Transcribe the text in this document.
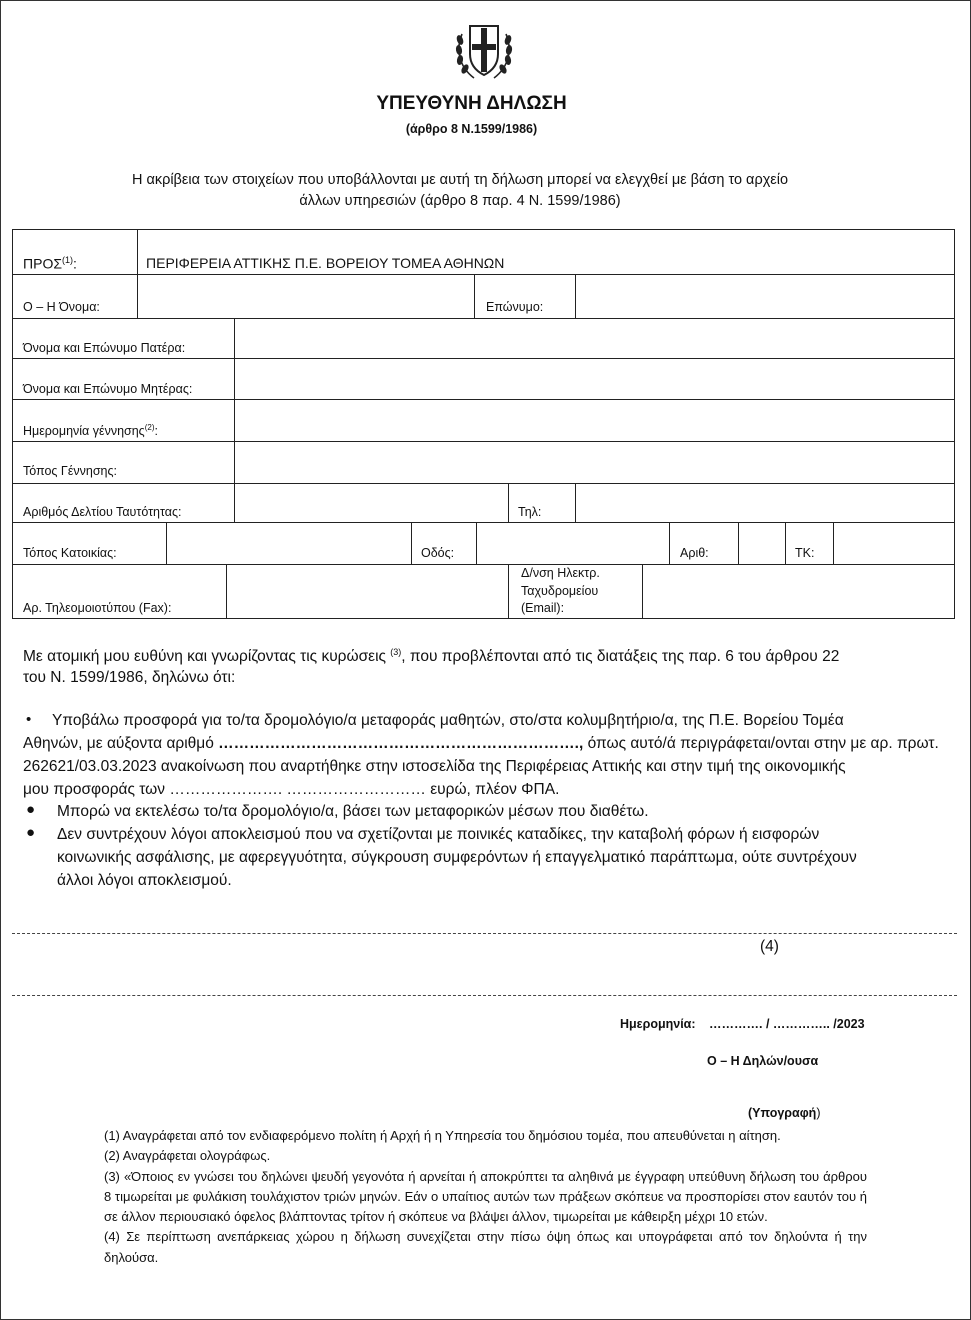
ΥΠΕΥΘΥΝΗ ΔΗΛΩΣΗ
(άρθρο 8 Ν.1599/1986)
Η ακρίβεια των στοιχείων που υποβάλλονται με αυτή τη δήλωση μπορεί να ελεγχθεί με βάση το αρχείο
άλλων υπηρεσιών (άρθρο 8 παρ. 4 Ν. 1599/1986)
ΠΡΟΣ$^{(1)}$:	ΠΕΡΙΦΕΡΕΙΑ ΑΤΤΙΚΗΣ Π.Ε. ΒΟΡΕΙΟΥ ΤΟΜΕΑ ΑΘΗΝΩΝ
Ο – Η Όνομα:	Επώνυμο:
Όνομα και Επώνυμο Πατέρα:
Όνομα και Επώνυμο Μητέρας:
Ημερομηνία γέννησης$^{(2)}$:
Τόπος Γέννησης:
Αριθμός Δελτίου Ταυτότητας:	Τηλ:
Τόπος Κατοικίας:	Οδός:	Αριθ:	ΤΚ:
Αρ. Τηλεομοιοτύπου (Fax):
Δ/νση Ηλεκτρ.
Ταχυδρομείου
(Email):
Με ατομική μου ευθύνη και γνωρίζοντας τις κυρώσεις $^{(3)}$, που προβλέπονται από τις διατάξεις της παρ. 6 του άρθρου 22
του Ν. 1599/1986, δηλώνω ότι:
• Υποβάλω προσφορά για το/τα δρομολόγιο/α μεταφοράς μαθητών, στο/στα κολυμβητήριο/α, της Π.Ε. Βορείου Τομέα
Αθηνών, με αύξοντα αριθμό ……………………………………………………………., όπως αυτό/ά περιγράφεται/ονται στην με αρ. πρωτ.
262621/03.03.2023 ανακοίνωση που αναρτήθηκε στην ιστοσελίδα της Περιφέρειας Αττικής και στην τιμή της οικονομικής
μου προσφοράς των …………………. ……………………… ευρώ, πλέον ΦΠΑ.
● Μπορώ να εκτελέσω το/τα δρομολόγιο/α, βάσει των μεταφορικών μέσων που διαθέτω.
● Δεν συντρέχουν λόγοι αποκλεισμού που να σχετίζονται με ποινικές καταδίκες, την καταβολή φόρων ή εισφορών
κοινωνικής ασφάλισης, με αφερεγγυότητα, σύγκρουση συμφερόντων ή επαγγελματικό παράπτωμα, ούτε συντρέχουν
άλλοι λόγοι αποκλεισμού.
(4)
Ημερομηνία: …………. / ………….. /2023
Ο – Η Δηλών/ουσα
(Υπογραφή)

(1) Αναγράφεται από τον ενδιαφερόμενο πολίτη ή Αρχή ή η Υπηρεσία του δημόσιου τομέα, που απευθύνεται η αίτηση.

(2) Αναγράφεται ολογράφως.

(3) «Όποιος εν γνώσει του δηλώνει ψευδή γεγονότα ή αρνείται ή αποκρύπτει τα αληθινά με έγγραφη υπεύθυνη δήλωση του άρθρου 8 τιμωρείται με φυλάκιση τουλάχιστον τριών μηνών. Εάν ο υπαίτιος αυτών των πράξεων σκόπευε να προσπορίσει στον εαυτόν του ή σε άλλον περιουσιακό όφελος βλάπτοντας τρίτον ή σκόπευε να βλάψει άλλον, τιμωρείται με κάθειρξη μέχρι 10 ετών.

(4) Σε περίπτωση ανεπάρκειας χώρου η δήλωση συνεχίζεται στην πίσω όψη όπως και υπογράφεται από τον δηλούντα ή την δηλούσα.
